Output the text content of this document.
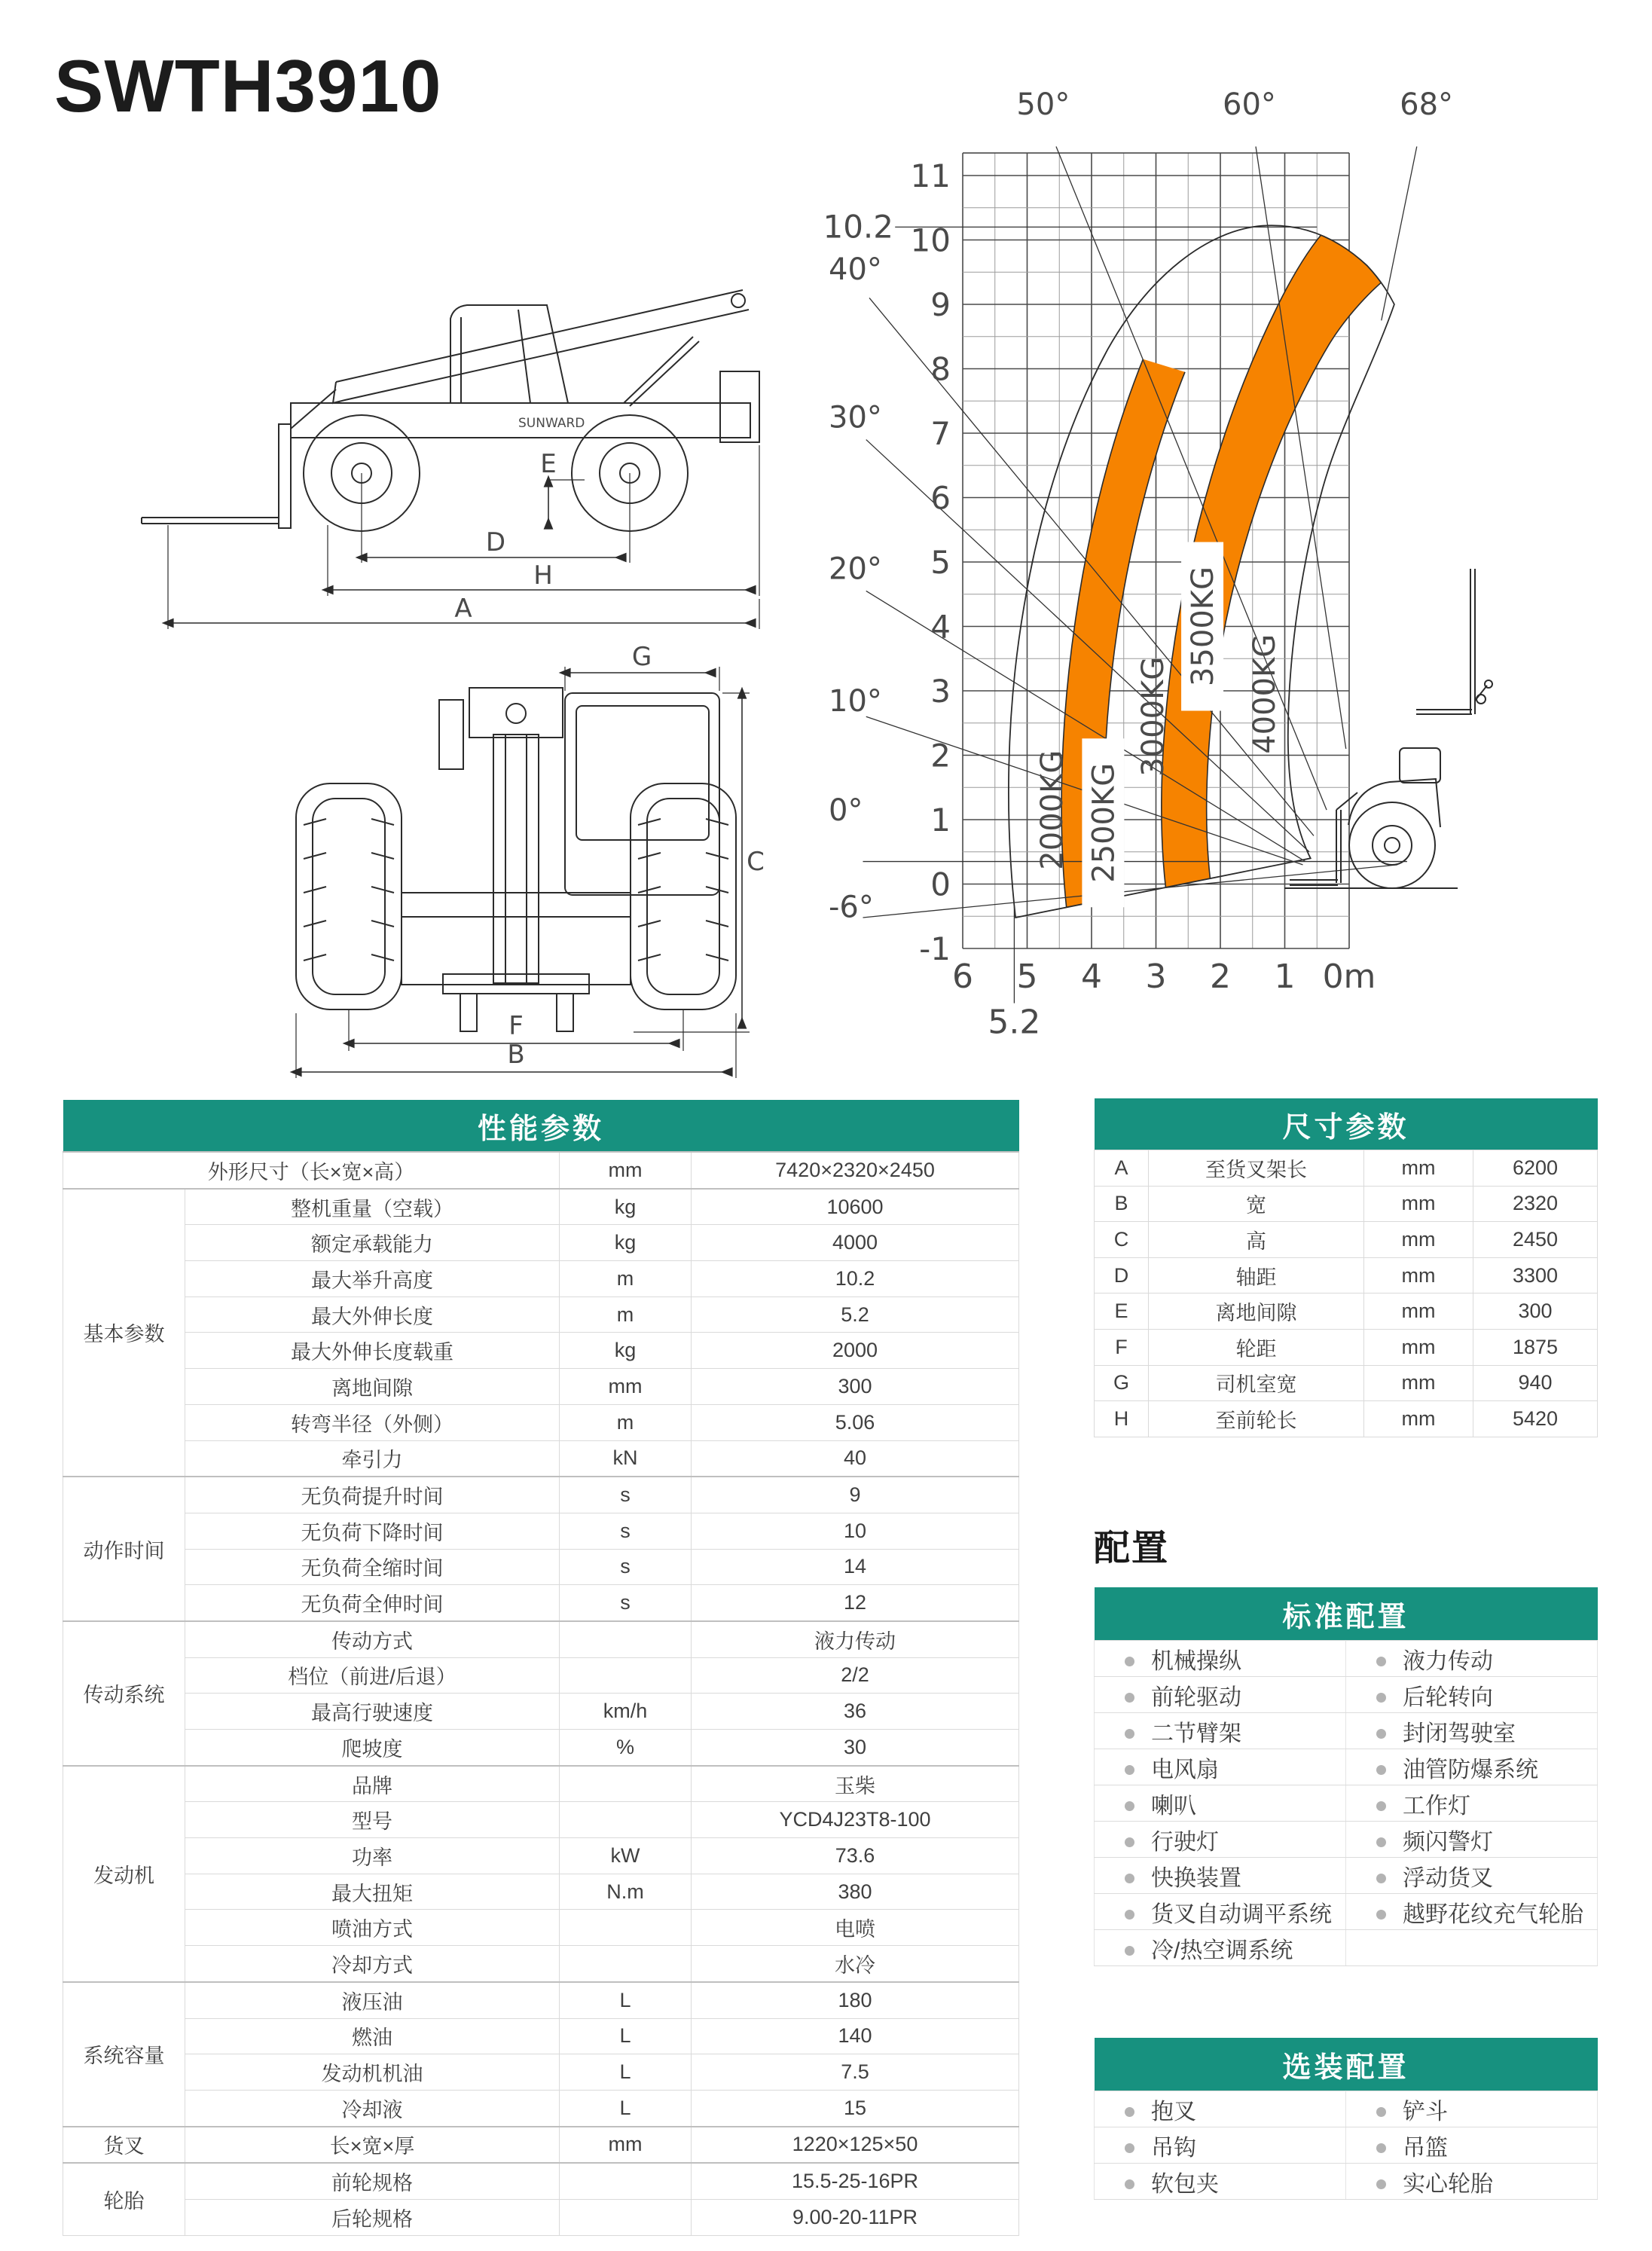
SWTH3910
SUNWARD
E
D
H
A
G
C
F
B
50°	60°	68°
40°
30°
20°
10°
0°
-6°
10.2
5.2
-1
0
1
2
3
4
5
6
7
8
9
10
11
6 5 4 3 2 1 0m
2000KG 2500KG
3000KG
3500KG
4000KG
性能参数			
外形尺寸（长×宽×高）		mm	7420×2320×2450
基本参数	整机重量（空载）	kg	10600
	额定承载能力	kg	4000
	最大举升高度	m	10.2
	最大外伸长度	m	5.2
	最大外伸长度载重	kg	2000
	离地间隙	mm	300
	转弯半径（外侧）	m	5.06
	牵引力	kN	40
动作时间	无负荷提升时间	s	9
	无负荷下降时间	s	10
	无负荷全缩时间	s	14
	无负荷全伸时间	s	12
传动系统	传动方式		液力传动
	档位（前进/后退）		2/2
	最高行驶速度	km/h	36
	爬坡度	%	30
发动机	品牌		玉柴
	型号		YCD4J23T8-100
	功率	kW	73.6
	最大扭矩	N.m	380
	喷油方式		电喷
	冷却方式		水冷
系统容量	液压油	L	180
	燃油	L	140
	发动机机油	L	7.5
	冷却液	L	15
货叉	长×宽×厚	mm	1220×125×50
轮胎	前轮规格		15.5-25-16PR
	后轮规格		9.00-20-11PR
尺寸参数			
A	至货叉架长	mm	6200
B	宽	mm	2320
C	高	mm	2450
D	轴距	mm	3300
E	离地间隙	mm	300
F	轮距	mm	1875
G	司机室宽	mm	940
H	至前轮长	mm	5420
配置
标准配置	
机械操纵	液力传动
前轮驱动	后轮转向
二节臂架	封闭驾驶室
电风扇	油管防爆系统
喇叭	工作灯
行驶灯	频闪警灯
快换装置	浮动货叉
货叉自动调平系统	越野花纹充气轮胎
冷/热空调系统	
选装配置	
抱叉	铲斗
吊钩	吊篮
软包夹	实心轮胎
